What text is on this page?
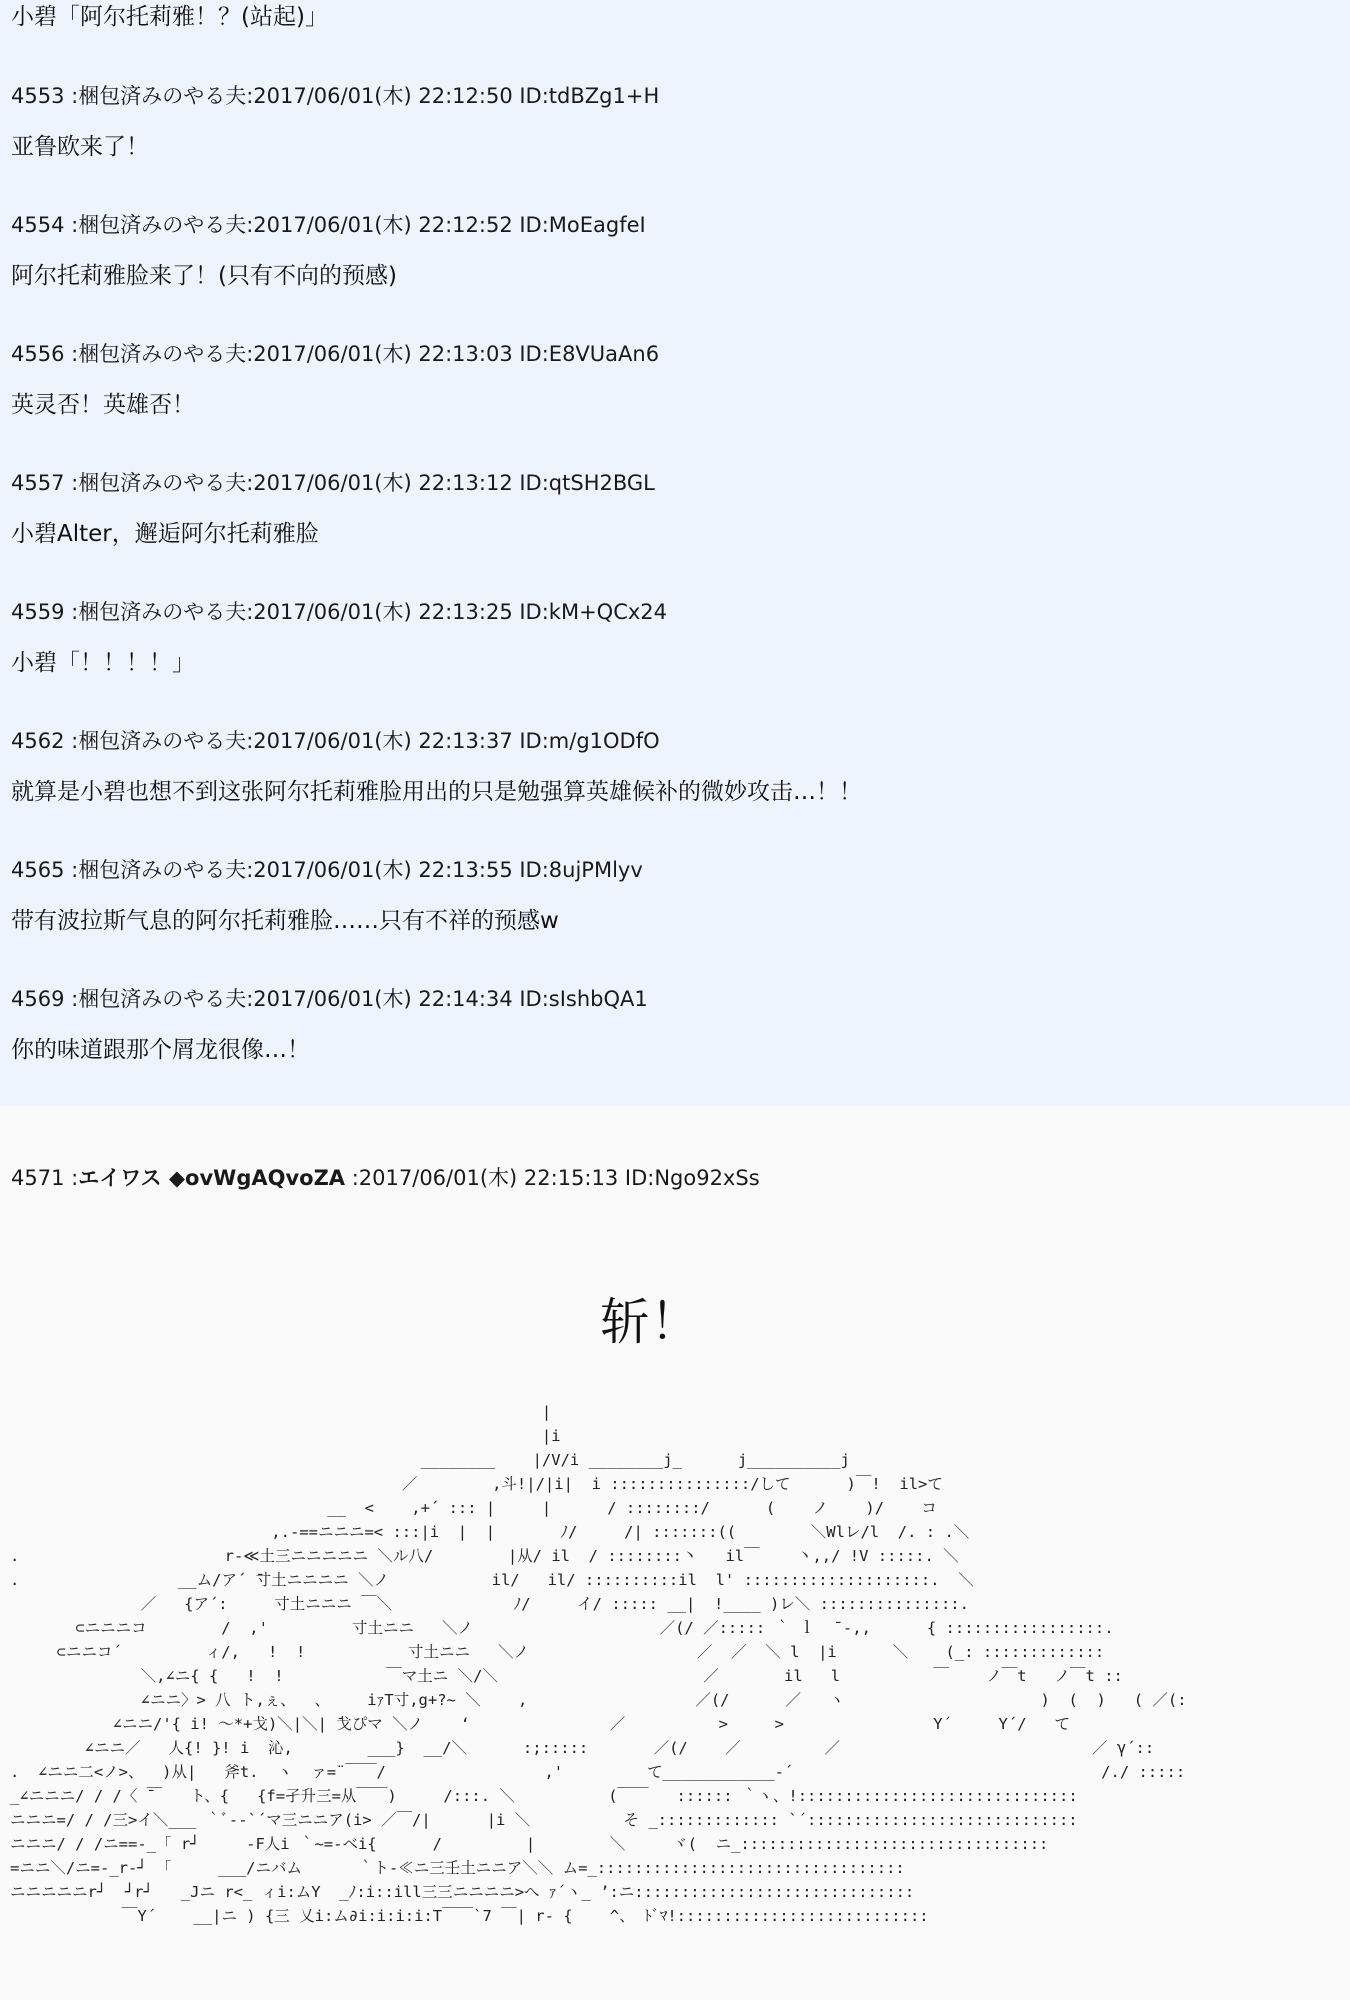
小碧「阿尔托莉雅！？(站起)」
4553 :梱包済みのやる夫:2017/06/01(木) 22:12:50 ID:tdBZg1+H
亚鲁欧来了！
4554 :梱包済みのやる夫:2017/06/01(木) 22:12:52 ID:MoEagfeI
阿尔托莉雅脸来了！(只有不向的预感)
4556 :梱包済みのやる夫:2017/06/01(木) 22:13:03 ID:E8VUaAn6
英灵否！英雄否！
4557 :梱包済みのやる夫:2017/06/01(木) 22:13:12 ID:qtSH2BGL
小碧Alter，邂逅阿尔托莉雅脸
4559 :梱包済みのやる夫:2017/06/01(木) 22:13:25 ID:kM+QCx24
小碧「！！！！」
4562 :梱包済みのやる夫:2017/06/01(木) 22:13:37 ID:m/g1ODfO
就算是小碧也想不到这张阿尔托莉雅脸用出的只是勉强算英雄候补的微妙攻击…！！
4565 :梱包済みのやる夫:2017/06/01(木) 22:13:55 ID:8ujPMlyv
带有波拉斯气息的阿尔托莉雅脸……只有不祥的预感w
4569 :梱包済みのやる夫:2017/06/01(木) 22:14:34 ID:sIshbQA1
你的味道跟那个屑龙很像…！
4571 :エイワス ◆ovWgAQvoZA :2017/06/01(木) 22:15:13 ID:Ngo92xSs
斩！
|
|i
________    |/V/i ________j_      j__________j
／        ,斗!|/|i|  i :::::::::::::::/して      )￣!  il>て
__  <    ,+´ ::: |     |      / ::::::::/      (    ノ    )/    コ
,.-==ニニニ=< :::|i  |  |       ﾉ/     /| :::::::((        ＼Wlレ/l  /. : .＼
.                      r‐≪土三ニニニニニ ＼ル八/        |从/ il  / ::::::::丶   il￣    丶,,/ !V :::::. ＼
.                 __ム/ア´ ̄寸土ニニニニ ＼ノ           il/   il/ ::::::::::il  l' ::::::::::::::::::::.  ＼
／   {ア´:     寸土ニニニ ￣＼             ﾉ/     イ/ ::::: __|  !____ )レ＼ :::::::::::::::.
⊂ニニニコ        /  ,'         寸土ニニ   ＼ノ                    ／(/ ／::::: ｀ ｌ  ̄ ‐,,      { :::::::::::::::::.
⊂ニニコ´         ィ/,   !  !           寸土ニニ   ＼ノ                  ／  ／  ＼ l  |i      ＼    (_: :::::::::::::
＼,∠ニ{ {   !  !           ￣マ土ニ ＼/＼                      ／       il   l          ￣    ノ￣t   ノ￣t ::
∠ニニ〉> 八 ト,ぇ、  、    iｧT寸,g+?~ ＼    ,                  ／(/      ／   ヽ                     )  (  )   ( ／(:
∠ニニ/'{ i! ～*+戈)＼|＼| ̄戈ぴマ ＼ノ    ‘               ／          >     >                Y´     Y´/   て
∠ニニ／   人{! }! i  沁,        ___}  __/＼      :;:::::       ／(/    ／         ／                           ／ γ´::
.  ∠ニニ二<ノ>、  )从|   斧t.  ヽ  ァ=¨￣￣/                 ,'         て____________‐´                                 /./ :::::
_∠ニニニ/ / /〈 ̄￣   ト、{   {f=孑升三=从￣￣)     /:::. ＼          (￣￣   :::::: ｀ヽ、!::::::::::::::::::::::::::::::
ニニニ=/ / /三>イ＼___ ｀ﾞ-‐`´マ三ニニア(i> ／￣/|      |i ＼          そ _::::::::::::: `´:::::::::::::::::::::::::::::
ニニニ/ / /ニ==-_「 r┘     ‐F人i ｀~=-ベi{      /         |        ＼     ヾ(  ニ_:::::::::::::::::::::::::::::::::
=ニニ＼/ニ=-_r‐┘ 「     ___/ニバム      ｀ト‐≪ニ三壬土ニニア＼＼ ム=_:::::::::::::::::::::::::::::::::
ニニニニニr┘  ┘r┘   _Jニ r<_ ィi:ムY  _ﾉ:i::ill三三ニニニニ>へ ｧ´ヽ_ ’:ニ::::::::::::::::::::::::::::::
￣Y´    __|ニ ) {三 乂i:ム∂i:i:i:i:T￣￣`7 ￣| r‐ {    ^、 ﾄﾞﾏ!:::::::::::::::::::::::::::
